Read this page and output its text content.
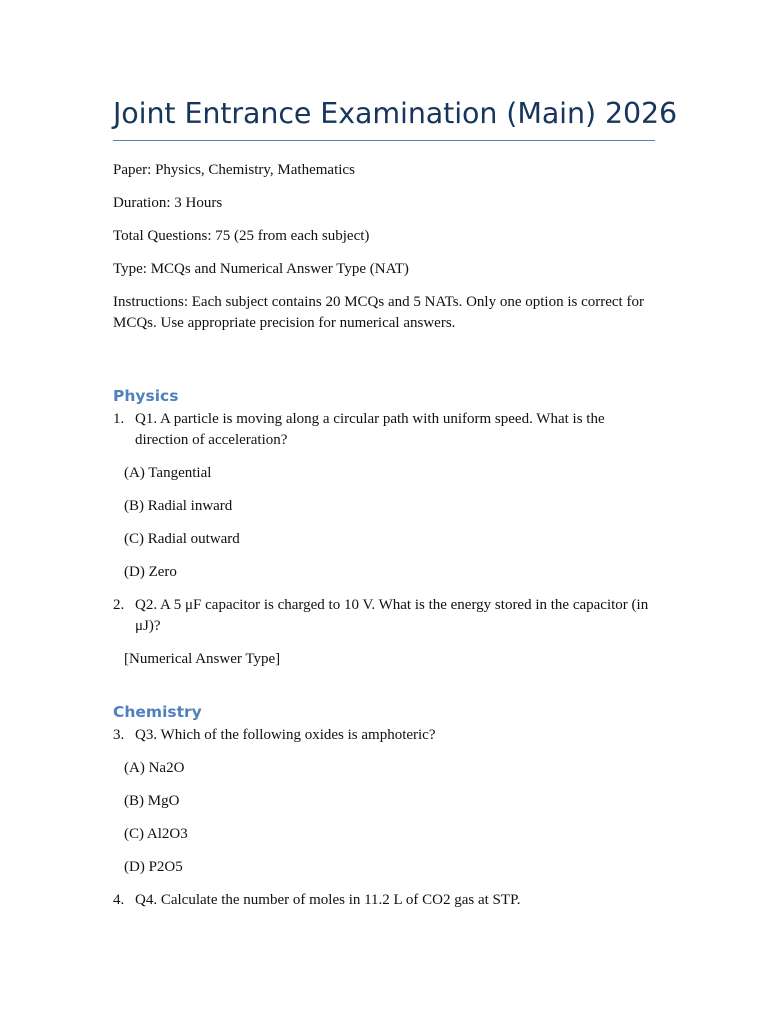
Joint Entrance Examination (Main) 2026

Paper: Physics, Chemistry, Mathematics

Duration: 3 Hours

Total Questions: 75 (25 from each subject)

Type: MCQs and Numerical Answer Type (NAT)

Instructions: Each subject contains 20 MCQs and 5 NATs. Only one option is correct for MCQs. Use appropriate precision for numerical answers.

Physics
1. Q1. A particle is moving along a circular path with uniform speed. What is the direction of acceleration?

(A) Tangential

(B) Radial inward

(C) Radial outward

(D) Zero

2. Q2. A 5 μF capacitor is charged to 10 V. What is the energy stored in the capacitor (in μJ)?

[Numerical Answer Type]

Chemistry
3. Q3. Which of the following oxides is amphoteric?

(A) Na2O

(B) MgO

(C) Al2O3

(D) P2O5

4. Q4. Calculate the number of moles in 11.2 L of CO2 gas at STP.
